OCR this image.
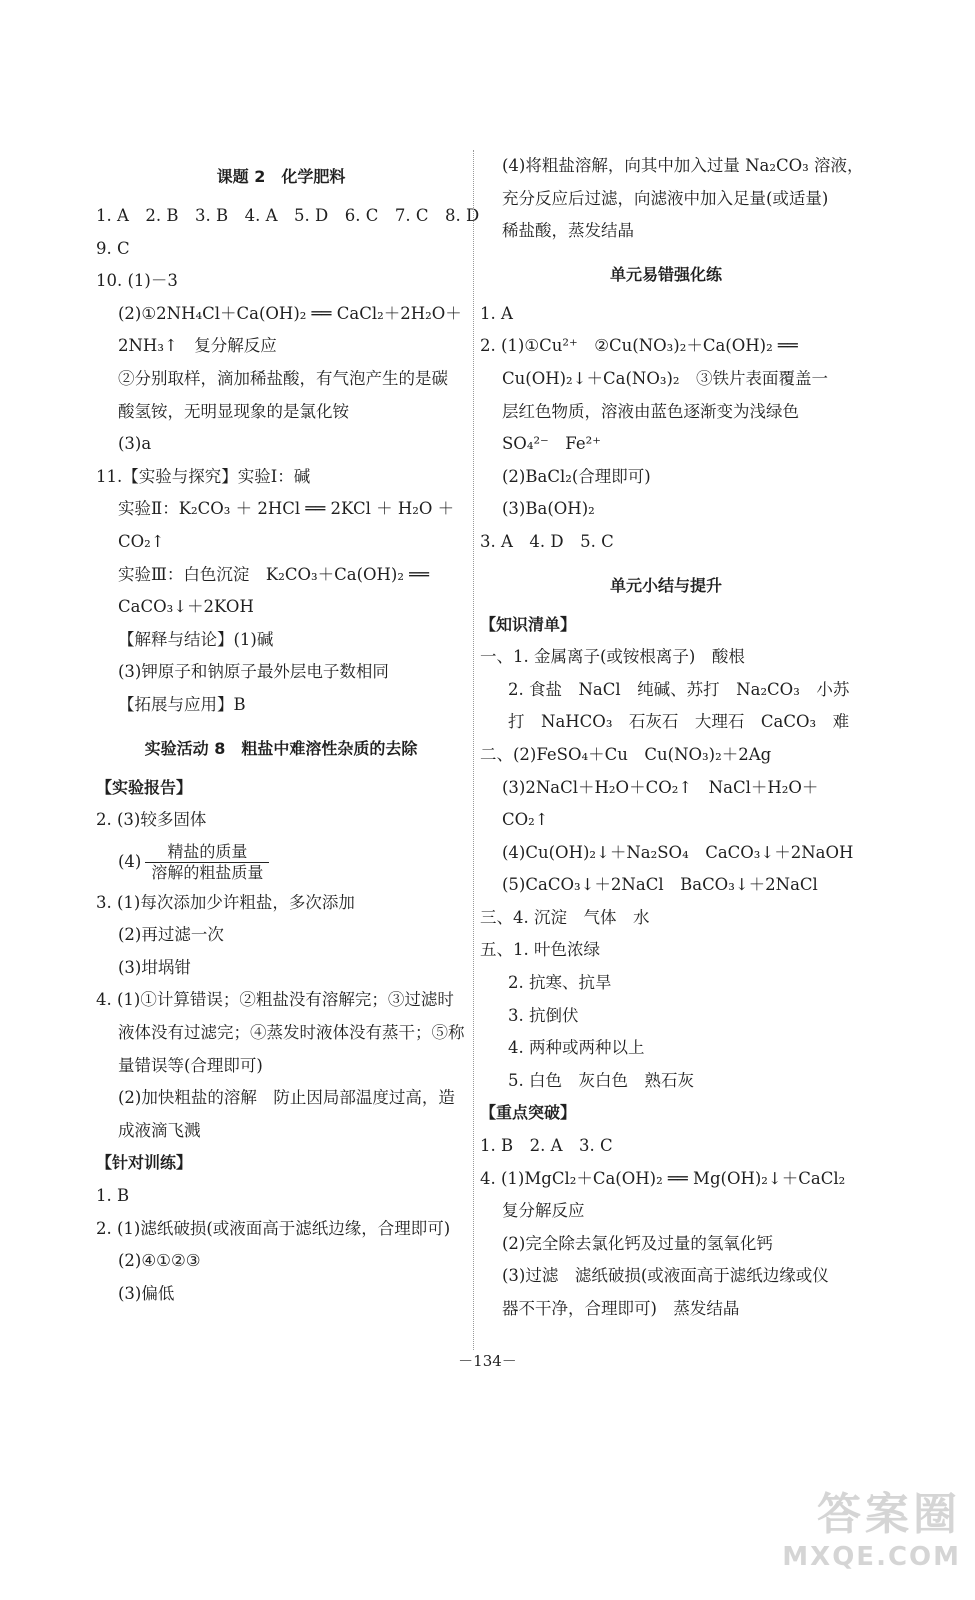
课题 2　化学肥料
1. A　2. B　3. B　4. A　5. D　6. C　7. C　8. D
9. C
10. (1)－3
(2)①2NH₄Cl＋Ca(OH)₂ ══ CaCl₂＋2H₂O＋
2NH₃↑　复分解反应
②分别取样，滴加稀盐酸，有气泡产生的是碳
酸氢铵，无明显现象的是氯化铵
(3)a
11.【实验与探究】实验Ⅰ：碱
实验Ⅱ：K₂CO₃ ＋ 2HCl ══ 2KCl ＋ H₂O ＋
CO₂↑
实验Ⅲ：白色沉淀　K₂CO₃＋Ca(OH)₂ ══
CaCO₃↓＋2KOH
【解释与结论】(1)碱
(3)钾原子和钠原子最外层电子数相同
【拓展与应用】B
实验活动 8　粗盐中难溶性杂质的去除
【实验报告】
2. (3)较多固体
$(4) \frac{\text{精盐的质量}}{\text{溶解的粗盐质量}}$
3. (1)每次添加少许粗盐，多次添加
(2)再过滤一次
(3)坩埚钳
4. (1)①计算错误；②粗盐没有溶解完；③过滤时
液体没有过滤完；④蒸发时液体没有蒸干；⑤称
量错误等(合理即可)
(2)加快粗盐的溶解　防止因局部温度过高，造
成液滴飞溅
【针对训练】
1. B
2. (1)滤纸破损(或液面高于滤纸边缘，合理即可)
(2)④①②③
(3)偏低
(4)将粗盐溶解，向其中加入过量 Na₂CO₃ 溶液，
充分反应后过滤，向滤液中加入足量(或适量)
稀盐酸，蒸发结晶
单元易错强化练
1. A
2. (1)①Cu²⁺　②Cu(NO₃)₂＋Ca(OH)₂ ══
Cu(OH)₂↓＋Ca(NO₃)₂　③铁片表面覆盖一
层红色物质，溶液由蓝色逐渐变为浅绿色
SO₄²⁻　Fe²⁺
(2)BaCl₂(合理即可)
(3)Ba(OH)₂
3. A　4. D　5. C
单元小结与提升
【知识清单】
一、1. 金属离子(或铵根离子)　酸根
2. 食盐　NaCl　纯碱、苏打　Na₂CO₃　小苏
打　NaHCO₃　石灰石　大理石　CaCO₃　难
二、(2)FeSO₄＋Cu　Cu(NO₃)₂＋2Ag
(3)2NaCl＋H₂O＋CO₂↑　NaCl＋H₂O＋
CO₂↑
(4)Cu(OH)₂↓＋Na₂SO₄　CaCO₃↓＋2NaOH
(5)CaCO₃↓＋2NaCl　BaCO₃↓＋2NaCl
三、4. 沉淀　气体　水
五、1. 叶色浓绿
2. 抗寒、抗旱
3. 抗倒伏
4. 两种或两种以上
5. 白色　灰白色　熟石灰
【重点突破】
1. B　2. A　3. C
4. (1)MgCl₂＋Ca(OH)₂ ══ Mg(OH)₂↓＋CaCl₂
复分解反应
(2)完全除去氯化钙及过量的氢氧化钙
(3)过滤　滤纸破损(或液面高于滤纸边缘或仪
器不干净，合理即可)　蒸发结晶
－134－
答案圈
MXQE.COM
